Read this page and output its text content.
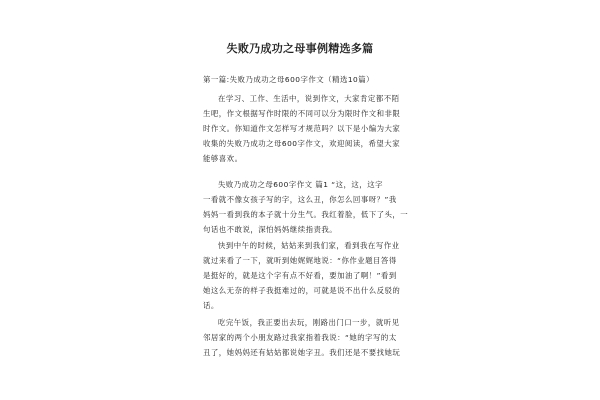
失败乃成功之母事例精选多篇
第一篇:失败乃成功之母600字作文（精选10篇）
在学习、工作、生活中，说到作文，大家肯定都不陌
生吧，作文根据写作时限的不同可以分为限时作文和非限
时作文。你知道作文怎样写才规范吗？以下是小编为大家
收集的失败乃成功之母600字作文，欢迎阅读，希望大家
能够喜欢。
失败乃成功之母600字作文 篇1 “这，这，这字
一看就不像女孩子写的字，这么丑，你怎么回事呀？”我
妈妈一看到我的本子就十分生气。我红着脸，低下了头，一
句话也不敢说，深怕妈妈继续指责我。
快到中午的时候，姑姑来到我们家，看到我在写作业
就过来看了一下，就听到她娓娓地说：“你作业题目答得
是挺好的，就是这个字有点不好看，要加油了啊！”看到
她这么无奈的样子我挺难过的，可就是说不出什么反驳的
话。
吃完午饭，我正要出去玩，刚路出门口一步，就听见
邻居家的两个小朋友路过我家指着我说：“她的字写的太
丑了，她妈妈还有姑姑都说她字丑。我们还是不要找她玩
